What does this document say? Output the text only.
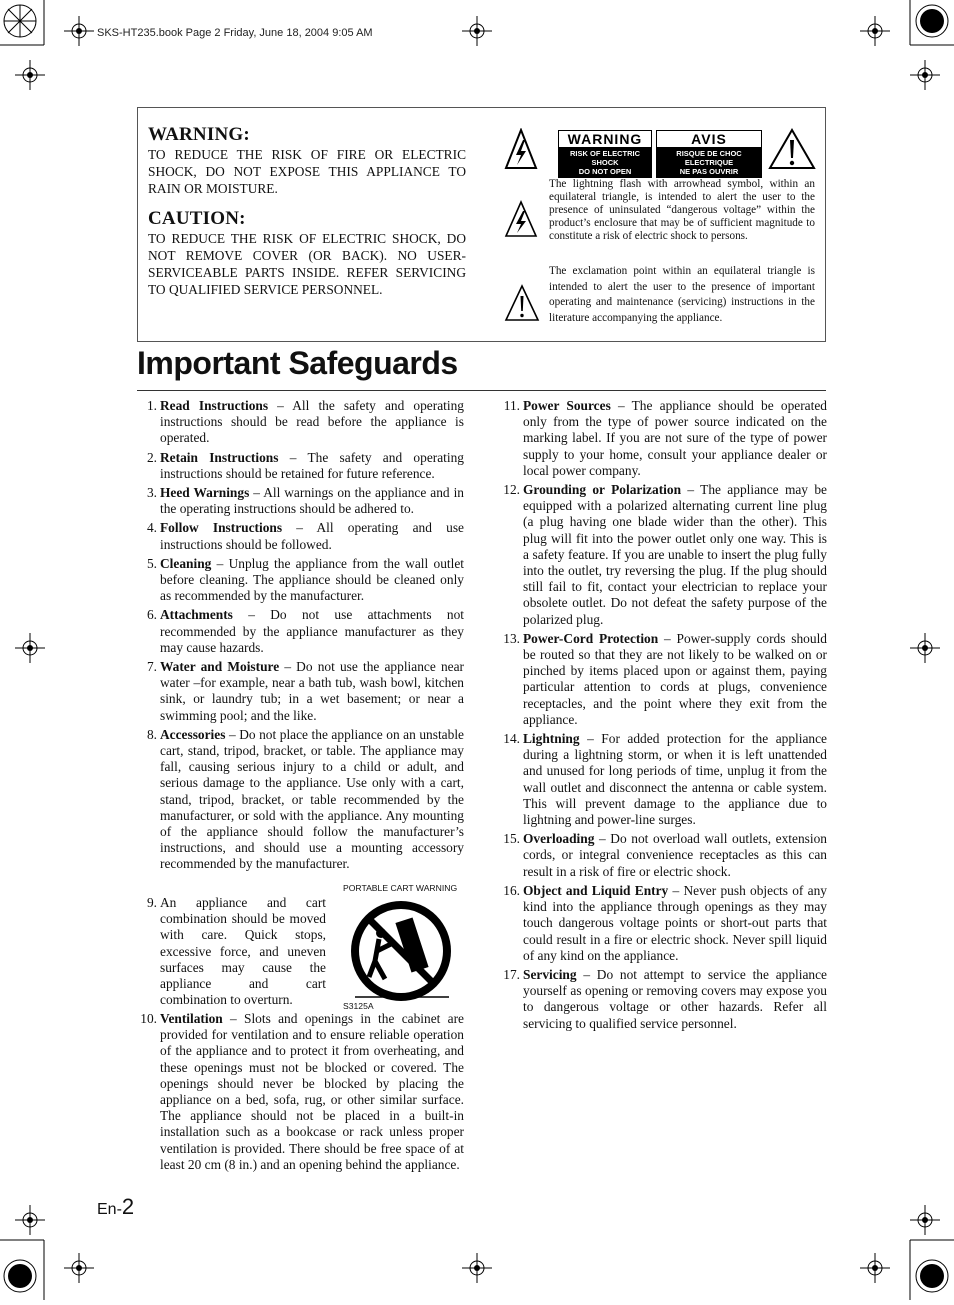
SKS-HT235.book Page 2 Friday, June 18, 2004 9:05 AM
WARNING:
TO REDUCE THE RISK OF FIRE OR ELECTRIC SHOCK, DO NOT EXPOSE THIS APPLIANCE TO RAIN OR MOISTURE.
CAUTION:
TO REDUCE THE RISK OF ELECTRIC SHOCK, DO NOT REMOVE COVER (OR BACK). NO USER-SERVICEABLE PARTS INSIDE. REFER SERVICING TO QUALIFIED SERVICE PERSONNEL.
WARNING
RISK OF ELECTRIC SHOCK
DO NOT OPEN
AVIS
RISQUE DE CHOC ELECTRIQUE
NE PAS OUVRIR
The lightning flash with arrowhead symbol, within an equilateral triangle, is intended to alert the user to the presence of uninsulated “dangerous voltage” within the product’s enclosure that may be of sufficient magnitude to constitute a risk of electric shock to persons.
The exclamation point within an equilateral triangle is intended to alert the user to the presence of important operating and maintenance (servicing) instructions in the literature accompanying the appliance.
Important Safeguards
1. Read Instructions – All the safety and operating instructions should be read before the appliance is operated.
2. Retain Instructions – The safety and operating instructions should be retained for future reference.
3. Heed Warnings – All warnings on the appliance and in the operating instructions should be adhered to.
4. Follow Instructions – All operating and use instructions should be followed.
5. Cleaning – Unplug the appliance from the wall outlet before cleaning. The appliance should be cleaned only as recommended by the manufacturer.
6. Attachments – Do not use attachments not recommended by the appliance manufacturer as they may cause hazards.
7. Water and Moisture – Do not use the appliance near water –for example, near a bath tub, wash bowl, kitchen sink, or laundry tub; in a wet basement; or near a swimming pool; and the like.
8. Accessories – Do not place the appliance on an unstable cart, stand, tripod, bracket, or table. The appliance may fall, causing serious injury to a child or adult, and serious damage to the appliance. Use only with a cart, stand, tripod, bracket, or table recommended by the manufacturer, or sold with the appliance. Any mounting of the appliance should follow the manufacturer’s instructions, and should use a mounting accessory recommended by the manufacturer.
9. An appliance and cart combination should be moved with care. Quick stops, excessive force, and uneven surfaces may cause the appliance and cart combination to overturn.
PORTABLE CART WARNING
S3125A
10. Ventilation – Slots and openings in the cabinet are provided for ventilation and to ensure reliable operation of the appliance and to protect it from overheating, and these openings must not be blocked or covered. The openings should never be blocked by placing the appliance on a bed, sofa, rug, or other similar surface. The appliance should not be placed in a built-in installation such as a bookcase or rack unless proper ventilation is provided. There should be free space of at least 20 cm (8 in.) and an opening behind the appliance.
11. Power Sources – The appliance should be operated only from the type of power source indicated on the marking label. If you are not sure of the type of power supply to your home, consult your appliance dealer or local power company.
12. Grounding or Polarization – The appliance may be equipped with a polarized alternating current line plug (a plug having one blade wider than the other). This plug will fit into the power outlet only one way. This is a safety feature. If you are unable to insert the plug fully into the outlet, try reversing the plug. If the plug should still fail to fit, contact your electrician to replace your obsolete outlet. Do not defeat the safety purpose of the polarized plug.
13. Power-Cord Protection – Power-supply cords should be routed so that they are not likely to be walked on or pinched by items placed upon or against them, paying particular attention to cords at plugs, convenience receptacles, and the point where they exit from the appliance.
14. Lightning – For added protection for the appliance during a lightning storm, or when it is left unattended and unused for long periods of time, unplug it from the wall outlet and disconnect the antenna or cable system. This will prevent damage to the appliance due to lightning and power-line surges.
15. Overloading – Do not overload wall outlets, extension cords, or integral convenience receptacles as this can result in a risk of fire or electric shock.
16. Object and Liquid Entry – Never push objects of any kind into the appliance through openings as they may touch dangerous voltage points or short-out parts that could result in a fire or electric shock. Never spill liquid of any kind on the appliance.
17. Servicing – Do not attempt to service the appliance yourself as opening or removing covers may expose you to dangerous voltage or other hazards. Refer all servicing to qualified service personnel.
En-2
